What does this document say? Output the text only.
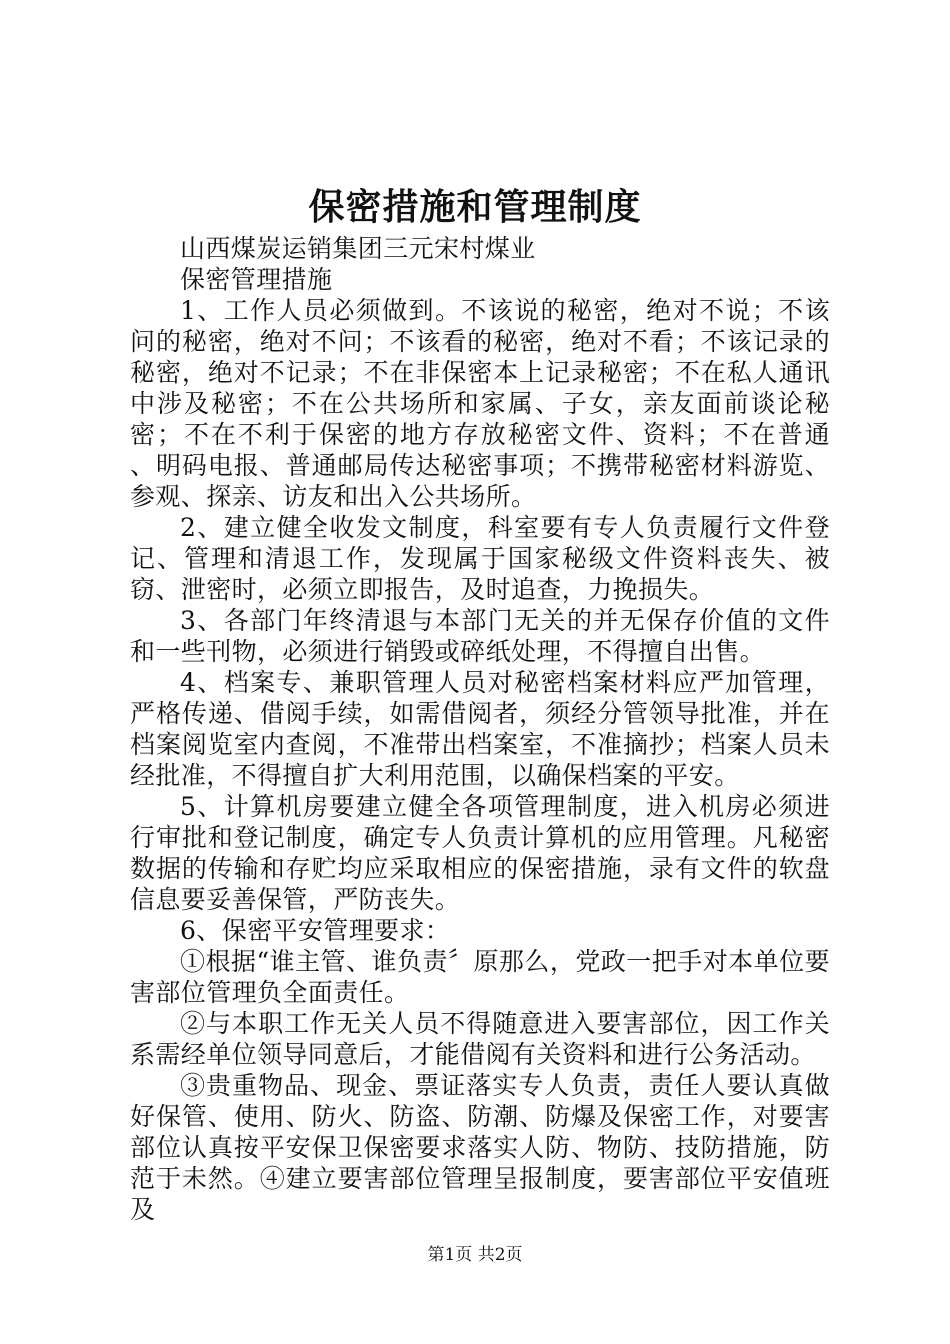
保密措施和管理制度

山西煤炭运销集团三元宋村煤业

保密管理措施

1、工作人员必须做到。不该说的秘密，绝对不说；不该问的秘密，绝对不问；不该看的秘密，绝对不看；不该记录的秘密，绝对不记录；不在非保密本上记录秘密；不在私人通讯中涉及秘密；不在公共场所和家属、子女，亲友面前谈论秘密；不在不利于保密的地方存放秘密文件、资料；不在普通　 、明码电报、普通邮局传达秘密事项；不携带秘密材料游览、参观、探亲、访友和出入公共场所。

2、建立健全收发文制度，科室要有专人负责履行文件登记、管理和清退工作，发现属于国家秘级文件资料丧失、被窃、泄密时，必须立即报告，及时追查，力挽损失。

3、各部门年终清退与本部门无关的并无保存价值的文件和一些刊物，必须进行销毁或碎纸处理，不得擅自出售。

4、档案专、兼职管理人员对秘密档案材料应严加管理，严格传递、借阅手续，如需借阅者，须经分管领导批准，并在档案阅览室内查阅，不准带出档案室，不准摘抄；档案人员未经批准，不得擅自扩大利用范围，以确保档案的平安。

5、计算机房要建立健全各项管理制度，进入机房必须进行审批和登记制度，确定专人负责计算机的应用管理。凡秘密数据的传输和存贮均应采取相应的保密措施，录有文件的软盘信息要妥善保管，严防丧失。

6、保密平安管理要求：

①根据“谁主管、谁负责〞原那么，党政一把手对本单位要害部位管理负全面责任。

②与本职工作无关人员不得随意进入要害部位，因工作关系需经单位领导同意后，才能借阅有关资料和进行公务活动。

③贵重物品、现金、票证落实专人负责，责任人要认真做好保管、使用、防火、防盗、防潮、防爆及保密工作，对要害部位认真按平安保卫保密要求落实人防、物防、技防措施，防范于未然。④建立要害部位管理呈报制度，要害部位平安值班及

第1页 共2页
